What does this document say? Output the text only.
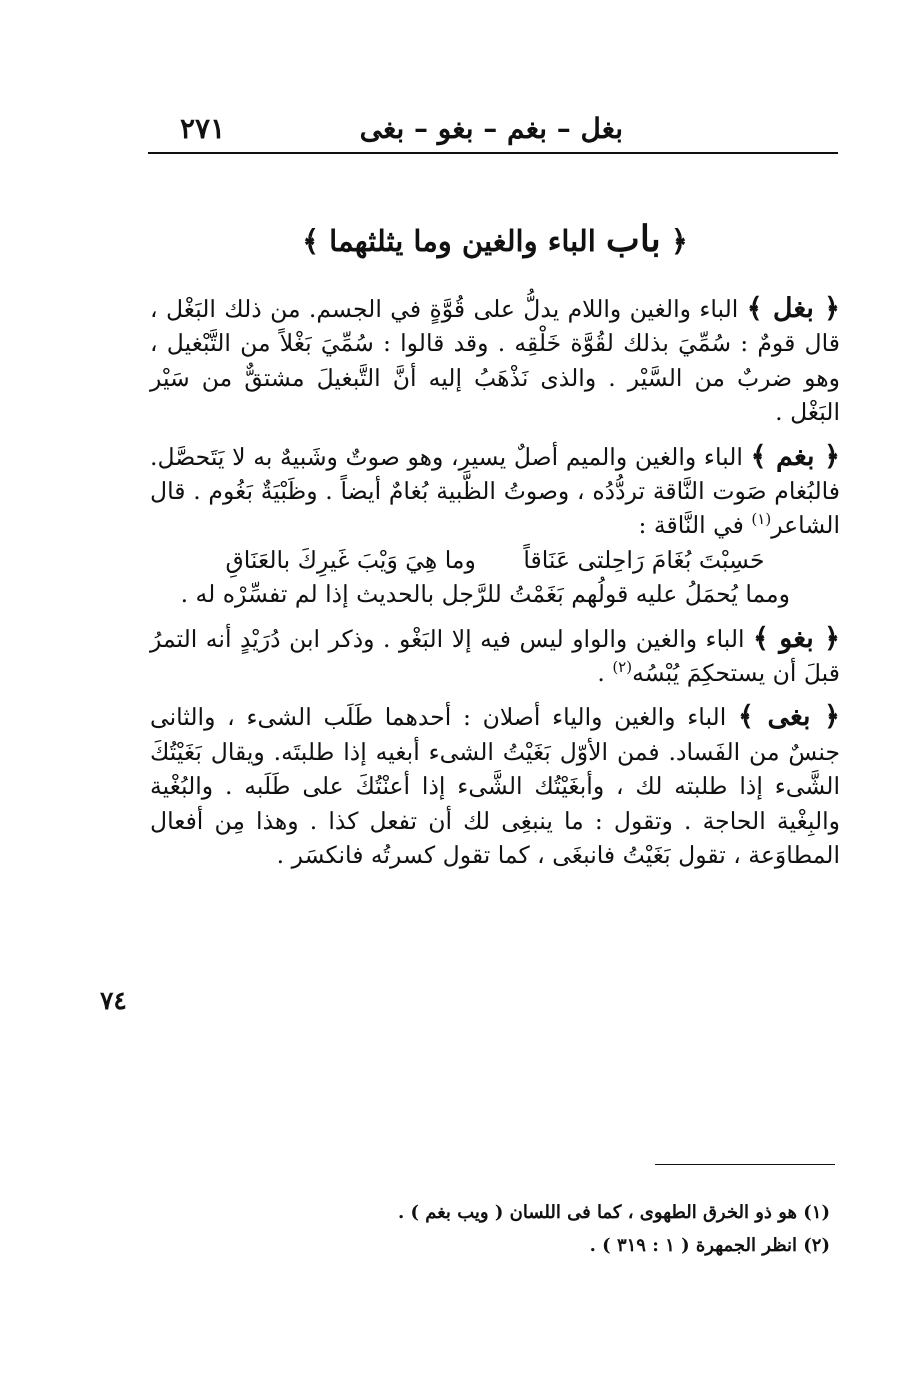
بغل – بغم – بغو – بغى
٢٧١
﴿ باب الباء والغين وما يثلثهما ﴾

﴿ بغل ﴾ الباء والغين واللام يدلُّ على قُوَّةٍ في الجسم. من ذلك البَغْل ، قال قومٌ : سُمِّيَ بذلك لقُوَّة خَلْقِه . وقد قالوا : سُمِّيَ بَغْلاً من التَّبْغيل ، وهو ضربٌ من السَّيْر . والذى نَذْهَبُ إليه أنَّ التَّبغيلَ مشتقٌّ من سَيْر البَغْل .

﴿ بغم ﴾ الباء والغين والميم أصلٌ يسير، وهو صوتٌ وشَبيهٌ به لا يَتَحصَّل. فالبُغام صَوت النَّاقة تردُّدُه ، وصوتُ الظَّبية بُغامٌ أيضاً . وظَبْيَةٌ بَغُوم . قال الشاعر$^{(١)}$ في النَّاقة :

حَسِبْتَ بُغَامَ رَاحِلتى عَنَاقاً وما هِيَ وَيْبَ غَيرِكَ بالعَنَاقِ

ومما يُحمَلُ عليه قولُهم بَغَمْتُ للرَّجل بالحديث إذا لم تفسِّرْه له .

﴿ بغو ﴾ الباء والغين والواو ليس فيه إلا البَغْو . وذكر ابن دُرَيْدٍ أنه التمرُ قبلَ أن يستحكِمَ يُبْسُه$^{(٢)}$ .

﴿ بغى ﴾ الباء والغين والياء أصلان : أحدهما طَلَب الشىء ، والثانى جنسٌ من الفَساد. فمن الأوّل بَغَيْتُ الشىء أبغيه إذا طلبتَه. ويقال بَغَيْتُكَ الشَّىء إذا طلبته لك ، وأبغَيْتُك الشَّىء إذا أعنْتُكَ على طَلَبه . والبُغْية والبِغْية الحاجة . وتقول : ما ينبغِى لك أن تفعل كذا . وهذا مِن أفعال المطاوَعة ، تقول بَغَيْتُ فانبغَى ، كما تقول كسرتُه فانكسَر .

٧٤

(١) هو ذو الخرق الطهوى ، كما فى اللسان ( ويب بغم ) .

(٢) انظر الجمهرة ( ١ : ٣١٩ ) .
